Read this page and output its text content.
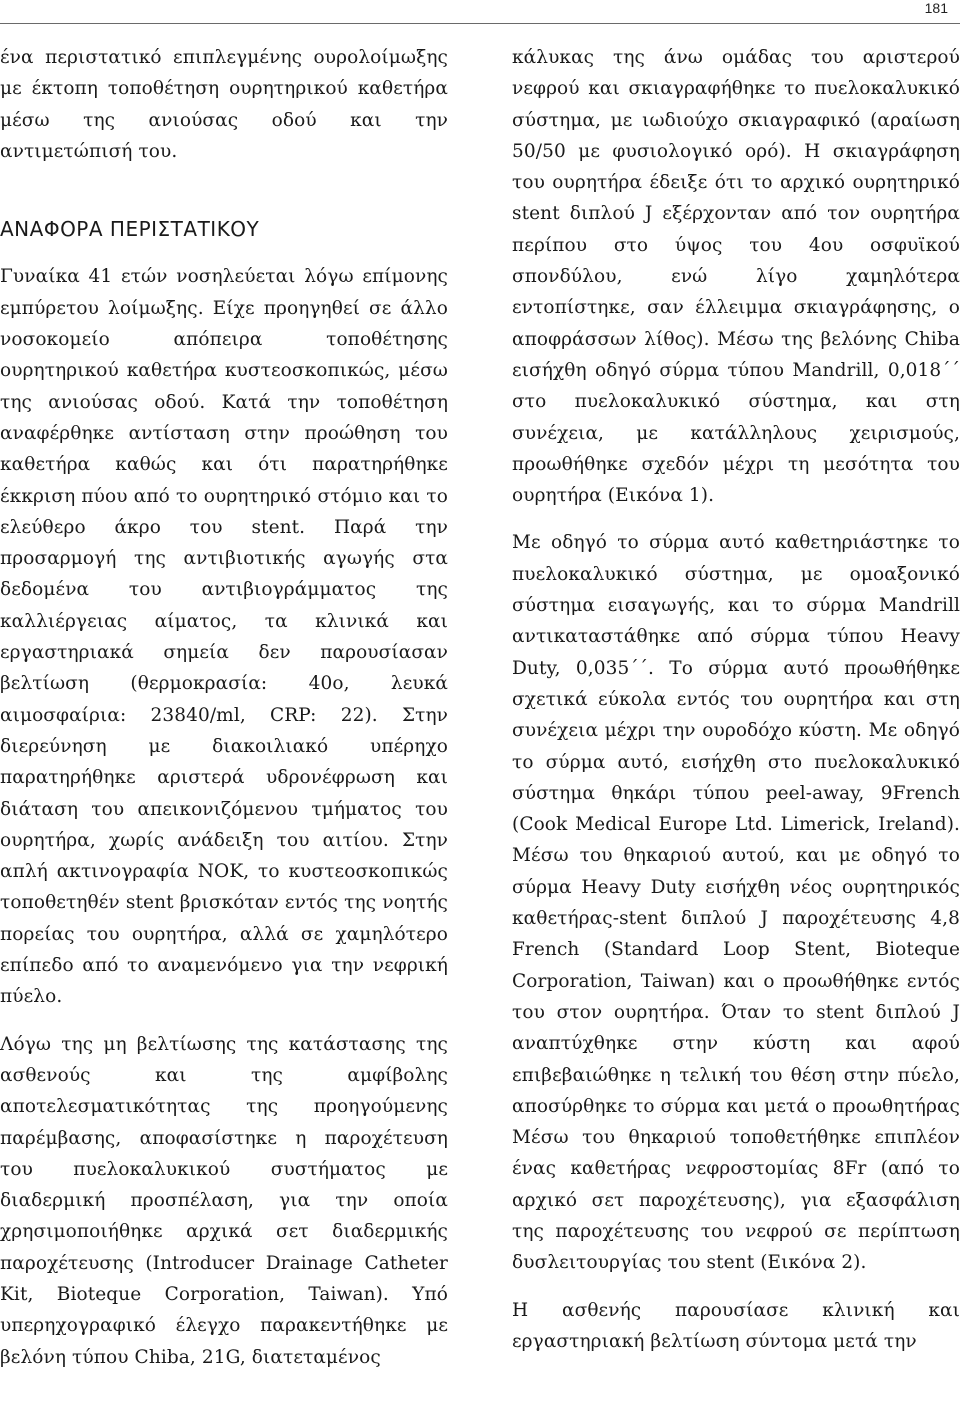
181

ένα περιστατικό επιπλεγμένης ουρολοίμωξης με έκτοπη τοποθέτηση ουρητηρικού καθετήρα μέσω της ανιούσας οδού και την αντιμετώπισή του.

ΑΝΑΦΟΡΑ ΠΕΡΙΣΤΑΤΙΚΟΥ

Γυναίκα 41 ετών νοσηλεύεται λόγω επίμονης εμπύρετου λοίμωξης. Είχε προηγηθεί σε άλλο νοσοκομείο απόπειρα τοποθέτησης ουρητηρικού καθετήρα κυστεοσκοπικώς, μέσω της ανιούσας οδού. Κατά την τοποθέτηση αναφέρθηκε αντίσταση στην προώθηση του καθετήρα καθώς και ότι παρατηρήθηκε έκκριση πύου από το ουρητηρικό στόμιο και το ελεύθερο άκρο του stent. Παρά την προσαρμογή της αντιβιοτικής αγωγής στα δεδομένα του αντιβιογράμματος της καλλιέργειας αίματος, τα κλινικά και εργαστηριακά σημεία δεν παρουσίασαν βελτίωση (θερμοκρασία: 40ο, λευκά αιμοσφαίρια: 23840/ml, CRP: 22). Στην διερεύνηση με διακοιλιακό υπέρηχο παρατηρήθηκε αριστερά υδρονέφρωση και διάταση του απεικονιζόμενου τμήματος του ουρητήρα, χωρίς ανάδειξη του αιτίου. Στην απλή ακτινογραφία ΝΟΚ, το κυστεοσκοπικώς τοποθετηθέν stent βρισκόταν εντός της νοητής πορείας του ουρητήρα, αλλά σε χαμηλότερο επίπεδο από το αναμενόμενο για την νεφρική πύελο.

Λόγω της μη βελτίωσης της κατάστασης της ασθενούς και της αμφίβολης αποτελεσματικότητας της προηγούμενης παρέμβασης, αποφασίστηκε η παροχέτευση του πυελοκαλυκικού συστήματος με διαδερμική προσπέλαση, για την οποία χρησιμοποιήθηκε αρχικά σετ διαδερμικής παροχέτευσης (Introducer Drainage Catheter Kit, Bioteque Corporation, Taiwan). Υπό υπερηχογραφικό έλεγχο παρακεντήθηκε με βελόνη τύπου Chiba, 21G, διατεταμένος

κάλυκας της άνω ομάδας του αριστερού νεφρού και σκιαγραφήθηκε το πυελοκαλυκικό σύστημα, με ιωδιούχο σκιαγραφικό (αραίωση 50/50 με φυσιολογικό ορό). Η σκιαγράφηση του ουρητήρα έδειξε ότι το αρχικό ουρητηρικό stent διπλού J εξέρχονταν από τον ουρητήρα περίπου στο ύψος του 4ου οσφυϊκού σπονδύλου, ενώ λίγο χαμηλότερα εντοπίστηκε, σαν έλλειμμα σκιαγράφησης, ο αποφράσσων λίθος). Μέσω της βελόνης Chiba εισήχθη οδηγό σύρμα τύπου Mandrill, 0,018΄΄ στο πυελοκαλυκικό σύστημα, και στη συνέχεια, με κατάλληλους χειρισμούς, προωθήθηκε σχεδόν μέχρι τη μεσότητα του ουρητήρα (Εικόνα 1).

Με οδηγό το σύρμα αυτό καθετηριάστηκε το πυελοκαλυκικό σύστημα, με ομοαξονικό σύστημα εισαγωγής, και το σύρμα Mandrill αντικαταστάθηκε από σύρμα τύπου Heavy Duty, 0,035΄΄. Το σύρμα αυτό προωθήθηκε σχετικά εύκολα εντός του ουρητήρα και στη συνέχεια μέχρι την ουροδόχο κύστη. Με οδηγό το σύρμα αυτό, εισήχθη στο πυελοκαλυκικό σύστημα θηκάρι τύπου peel-away, 9French (Cook Medical Europe Ltd. Limerick, Ireland). Μέσω του θηκαριού αυτού, και με οδηγό το σύρμα Heavy Duty εισήχθη νέος ουρητηρικός καθετήρας-stent διπλού J παροχέτευσης 4,8 French (Standard Loop Stent, Bioteque Corporation, Taiwan) και ο προωθήθηκε εντός του στον ουρητήρα. Όταν το stent διπλού J αναπτύχθηκε στην κύστη και αφού επιβεβαιώθηκε η τελική του θέση στην πύελο, αποσύρθηκε το σύρμα και μετά ο προωθητήρας Μέσω του θηκαριού τοποθετήθηκε επιπλέον ένας καθετήρας νεφροστομίας 8Fr (από το αρχικό σετ παροχέτευσης), για εξασφάλιση της παροχέτευσης του νεφρού σε περίπτωση δυσλειτουργίας του stent (Εικόνα 2).

Η ασθενής παρουσίασε κλινική και εργαστηριακή βελτίωση σύντομα μετά την
